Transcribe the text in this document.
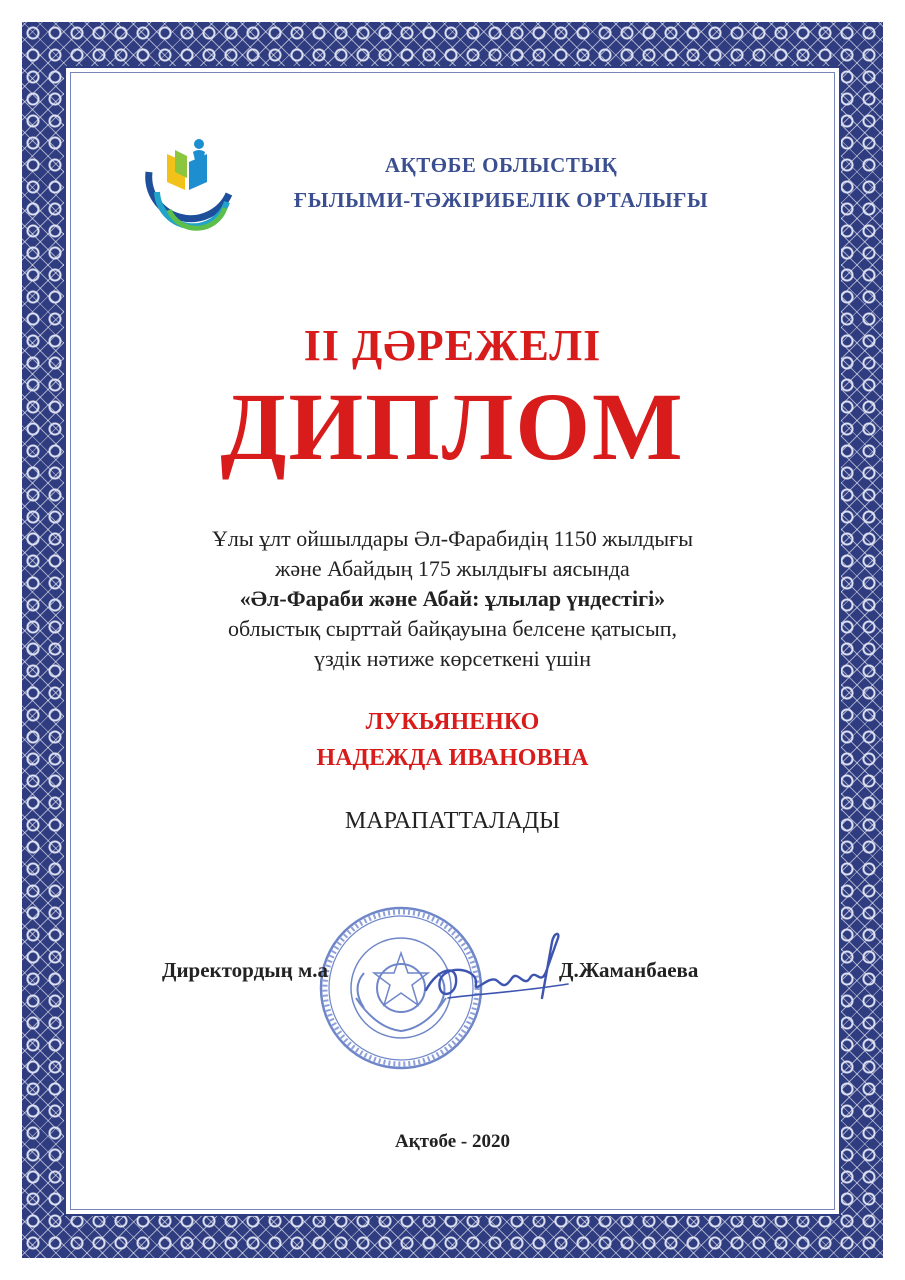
АҚТӨБЕ ОБЛЫСТЫҚ
ҒЫЛЫМИ-ТӘЖІРИБЕЛІК ОРТАЛЫҒЫ
ІІ ДӘРЕЖЕЛІ
ДИПЛОМ
Ұлы ұлт ойшылдары Әл-Фарабидің 1150 жылдығы
және Абайдың 175 жылдығы аясында
«Әл-Фараби және Абай: ұлылар үндестігі»
облыстық сырттай байқауына белсене қатысып,
үздік нәтиже көрсеткені үшін
ЛУКЬЯНЕНКО
НАДЕЖДА ИВАНОВНА
МАРАПАТТАЛАДЫ
Директордың м.а	Д.Жаманбаева
Ақтөбе - 2020
